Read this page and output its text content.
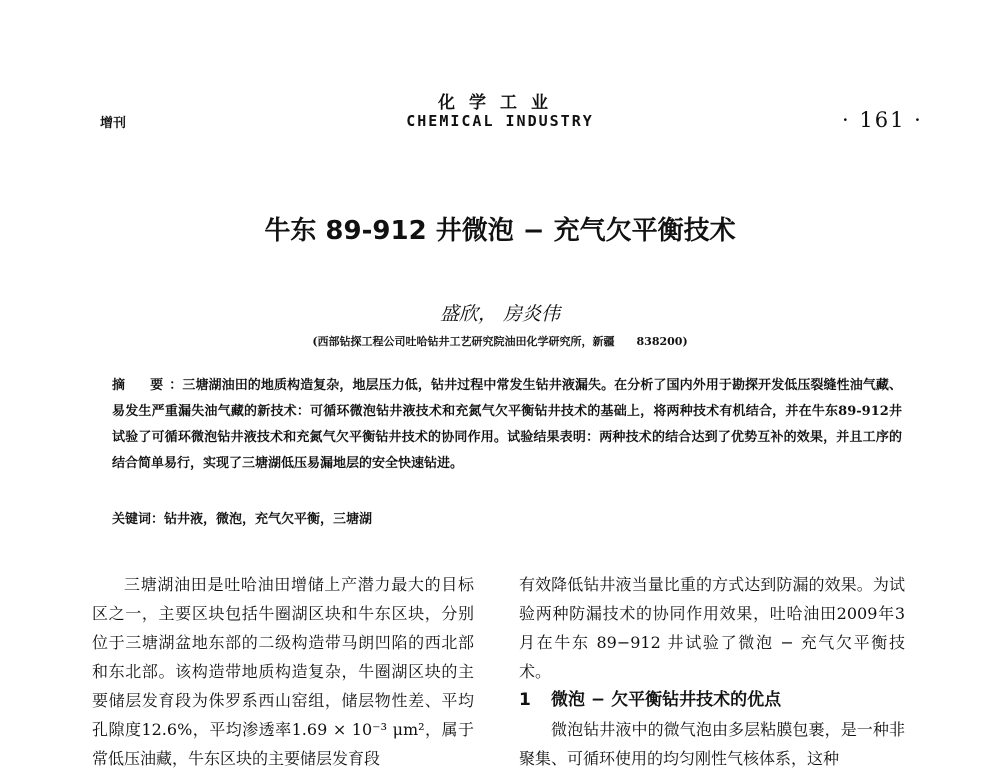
化学工业
增刊	CHEMICAL INDUSTRY	· 161 ·
牛东 89-912 井微泡 − 充气欠平衡技术
盛欣， 房炎伟
(西部钻探工程公司吐哈钻井工艺研究院油田化学研究所，新疆　　838200)
摘　要：三塘湖油田的地质构造复杂，地层压力低，钻井过程中常发生钻井液漏失。在分析了国内外用于勘探开发低压裂缝性油气藏、易发生严重漏失油气藏的新技术：可循环微泡钻井液技术和充氮气欠平衡钻井技术的基础上，将两种技术有机结合，并在牛东89-912井试验了可循环微泡钻井液技术和充氮气欠平衡钻井技术的协同作用。试验结果表明：两种技术的结合达到了优势互补的效果，并且工序的结合简单易行，实现了三塘湖低压易漏地层的安全快速钻进。
关键词：钻井液，微泡，充气欠平衡，三塘湖

三塘湖油田是吐哈油田增储上产潜力最大的目标区之一，主要区块包括牛圈湖区块和牛东区块，分别位于三塘湖盆地东部的二级构造带马朗凹陷的西北部和东北部。该构造带地质构造复杂，牛圈湖区块的主要储层发育段为侏罗系西山窑组，储层物性差、平均孔隙度12.6%，平均渗透率1.69 × 10⁻³ μm²，属于常低压油藏，牛东区块的主要储层发育段

有效降低钻井液当量比重的方式达到防漏的效果。为试验两种防漏技术的协同作用效果，吐哈油田2009年3月在牛东 89−912 井试验了微泡 − 充气欠平衡技术。

1 微泡 − 欠平衡钻井技术的优点

微泡钻井液中的微气泡由多层粘膜包裹，是一种非聚集、可循环使用的均匀刚性气核体系，这种
